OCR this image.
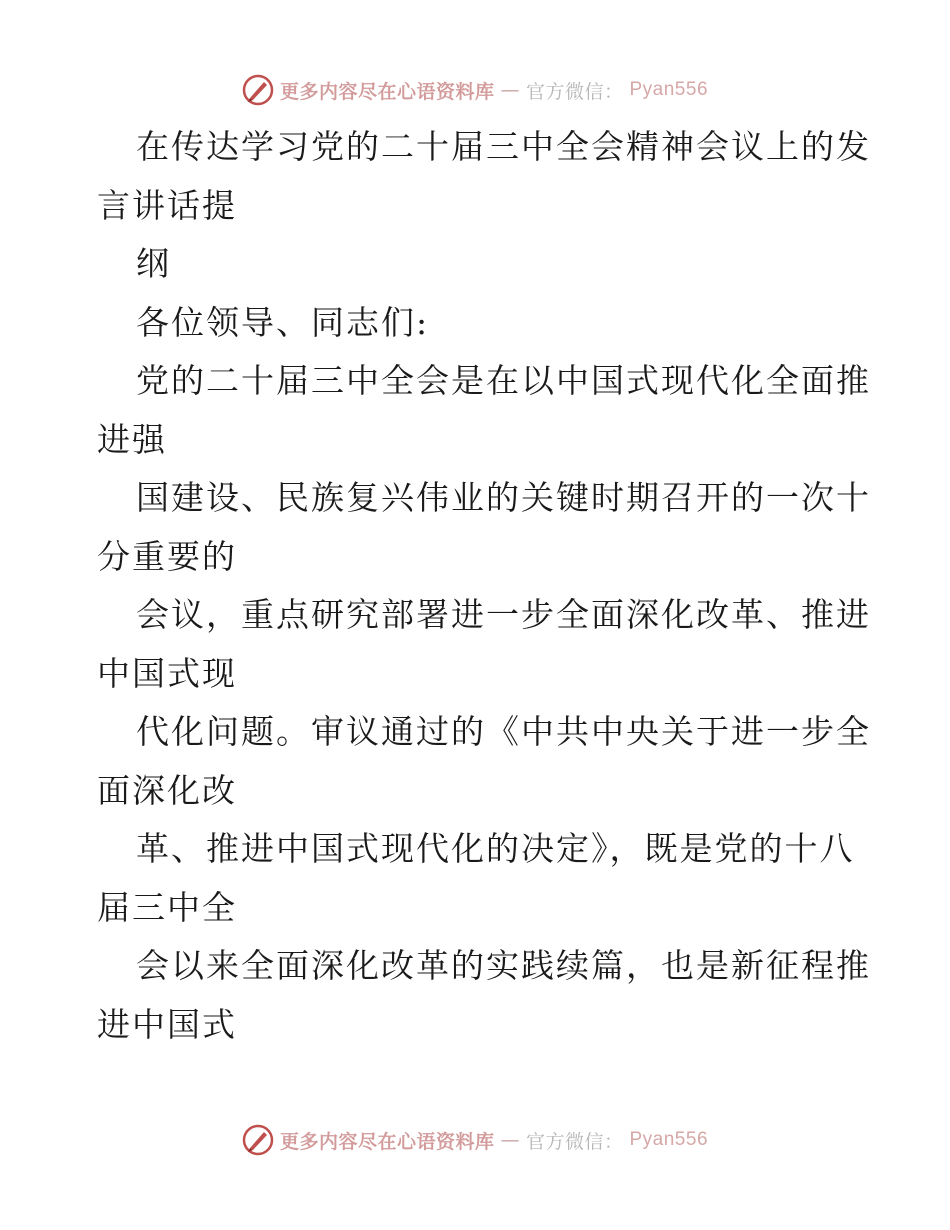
更多内容尽在心语资料库 — 官方微信： Pyan556
在传达学习党的二十届三中全会精神会议上的发
言讲话提
纲
各位领导、同志们:
党的二十届三中全会是在以中国式现代化全面推
进强
国建设、民族复兴伟业的关键时期召开的一次十
分重要的
会议，重点研究部署进一步全面深化改革、推进
中国式现
代化问题。审议通过的《中共中央关于进一步全
面深化改
革、推进中国式现代化的决定》，既是党的十八
届三中全
会以来全面深化改革的实践续篇，也是新征程推
进中国式
更多内容尽在心语资料库 — 官方微信： Pyan556
